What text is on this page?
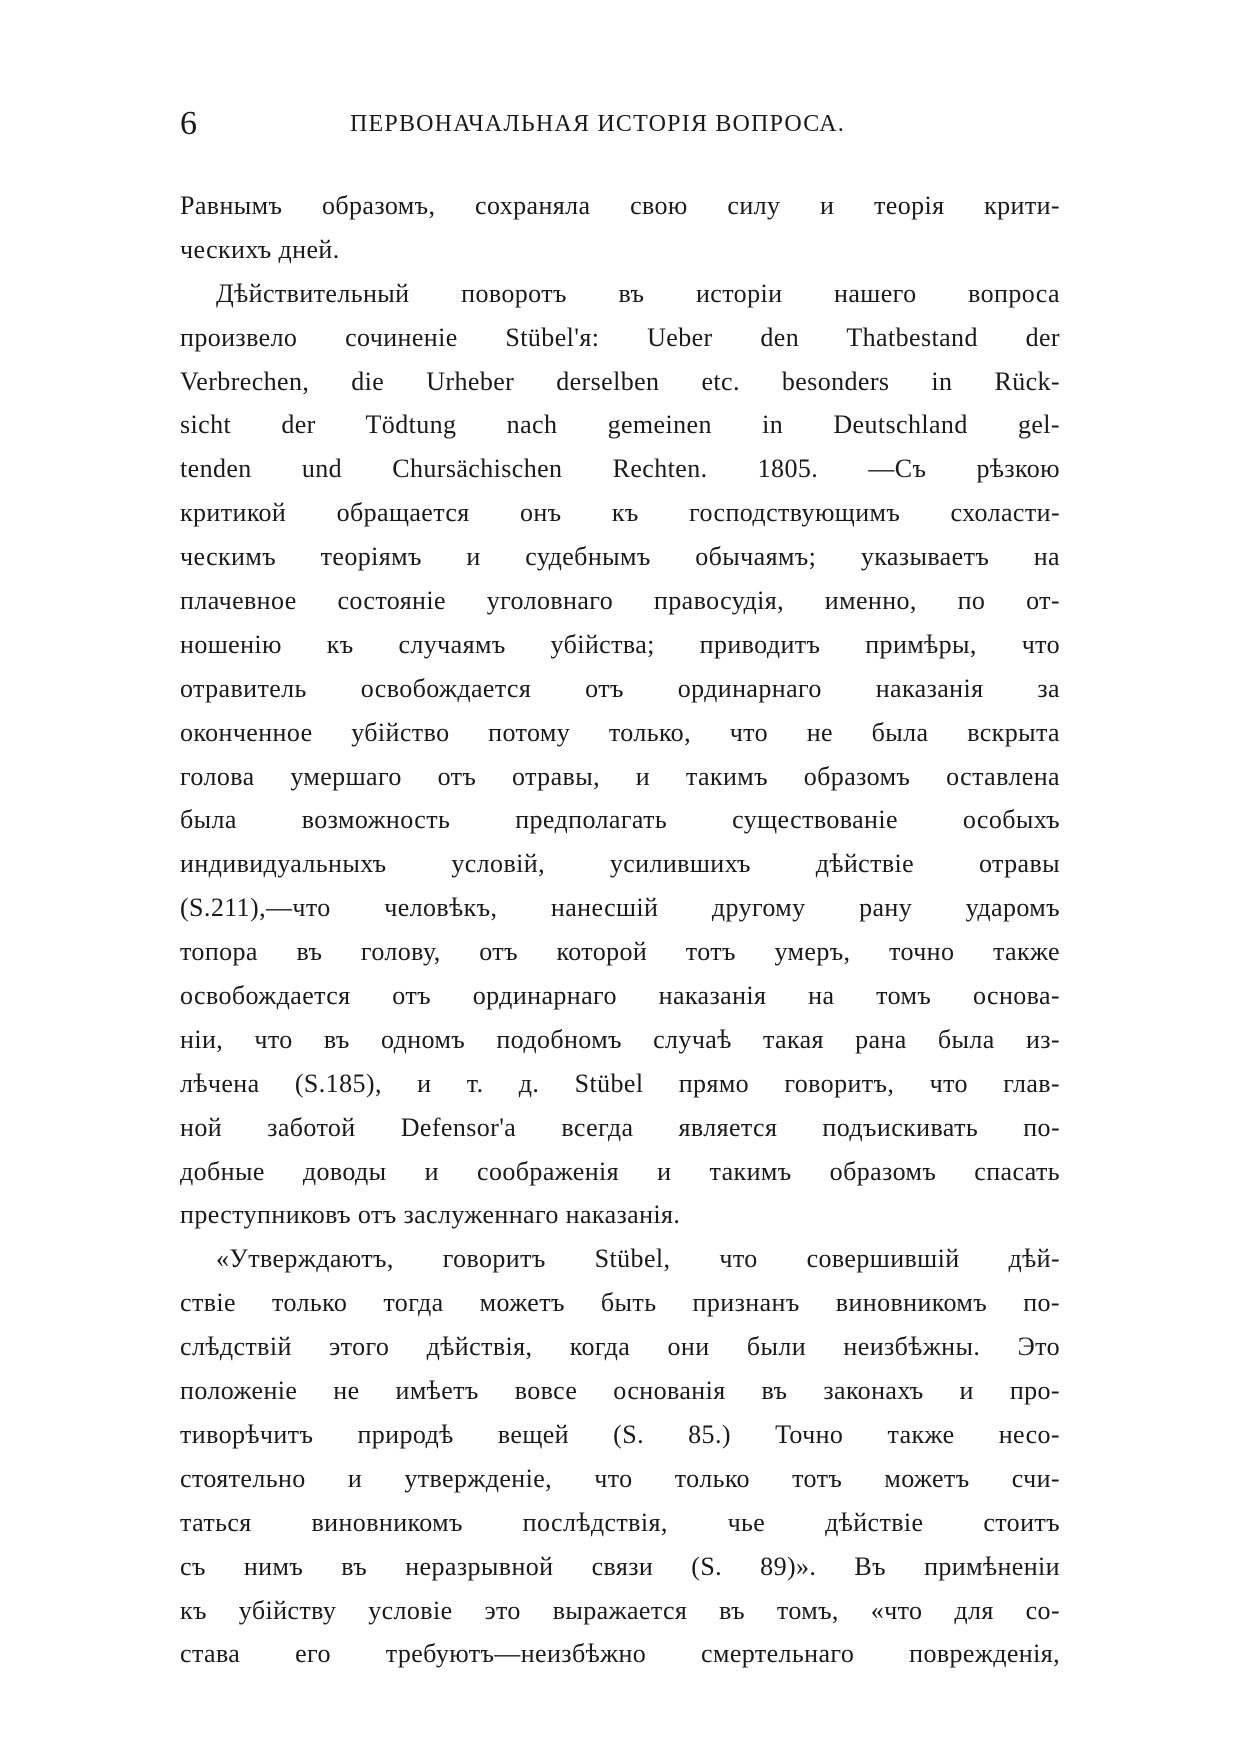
6	ПЕРВОНАЧАЛЬНАЯ ИСТОРІЯ ВОПРОСА.
Равнымъ образомъ, сохраняла свою силу и теорія крити-
ческихъ дней.
Дѣйствительный поворотъ въ исторіи нашего вопроса
произвело сочиненіе Stübel'я: Ueber den Thatbestand der
Verbrechen, die Urheber derselben etc. besonders in Rück-
sicht der Tödtung nach gemeinen in Deutschland gel-
tenden und Chursächischen Rechten. 1805. —Съ рѣзкою
критикой обращается онъ къ господствующимъ схоласти-
ческимъ теоріямъ и судебнымъ обычаямъ; указываетъ на
плачевное состояніе уголовнаго правосудія, именно, по от-
ношенію къ случаямъ убійства; приводитъ примѣры, что
отравитель освобождается отъ ординарнаго наказанія за
оконченное убійство потому только, что не была вскрыта
голова умершаго отъ отравы, и такимъ образомъ оставлена
была возможность предполагать существованіе особыхъ
индивидуальныхъ условій, усилившихъ дѣйствіе отравы
(S.211),—что человѣкъ, нанесшій другому рану ударомъ
топора въ голову, отъ которой тотъ умеръ, точно также
освобождается отъ ординарнаго наказанія на томъ основа-
ніи, что въ одномъ подобномъ случаѣ такая рана была из-
лѣчена (S.185), и т. д. Stübel прямо говоритъ, что глав-
ной заботой Defensor'а всегда является подъискивать по-
добные доводы и соображенія и такимъ образомъ спасать
преступниковъ отъ заслуженнаго наказанія.
«Утверждаютъ, говоритъ Stübel, что совершившій дѣй-
ствіе только тогда можетъ быть признанъ виновникомъ по-
слѣдствій этого дѣйствія, когда они были неизбѣжны. Это
положеніе не имѣетъ вовсе основанія въ законахъ и про-
тиворѣчитъ природѣ вещей (S. 85.) Точно также несо-
стоятельно и утвержденіе, что только тотъ можетъ счи-
таться виновникомъ послѣдствія, чье дѣйствіе стоитъ
съ нимъ въ неразрывной связи (S. 89)». Въ примѣненіи
къ убійству условіе это выражается въ томъ, «что для со-
става его требуютъ—неизбѣжно смертельнаго поврежденія,
